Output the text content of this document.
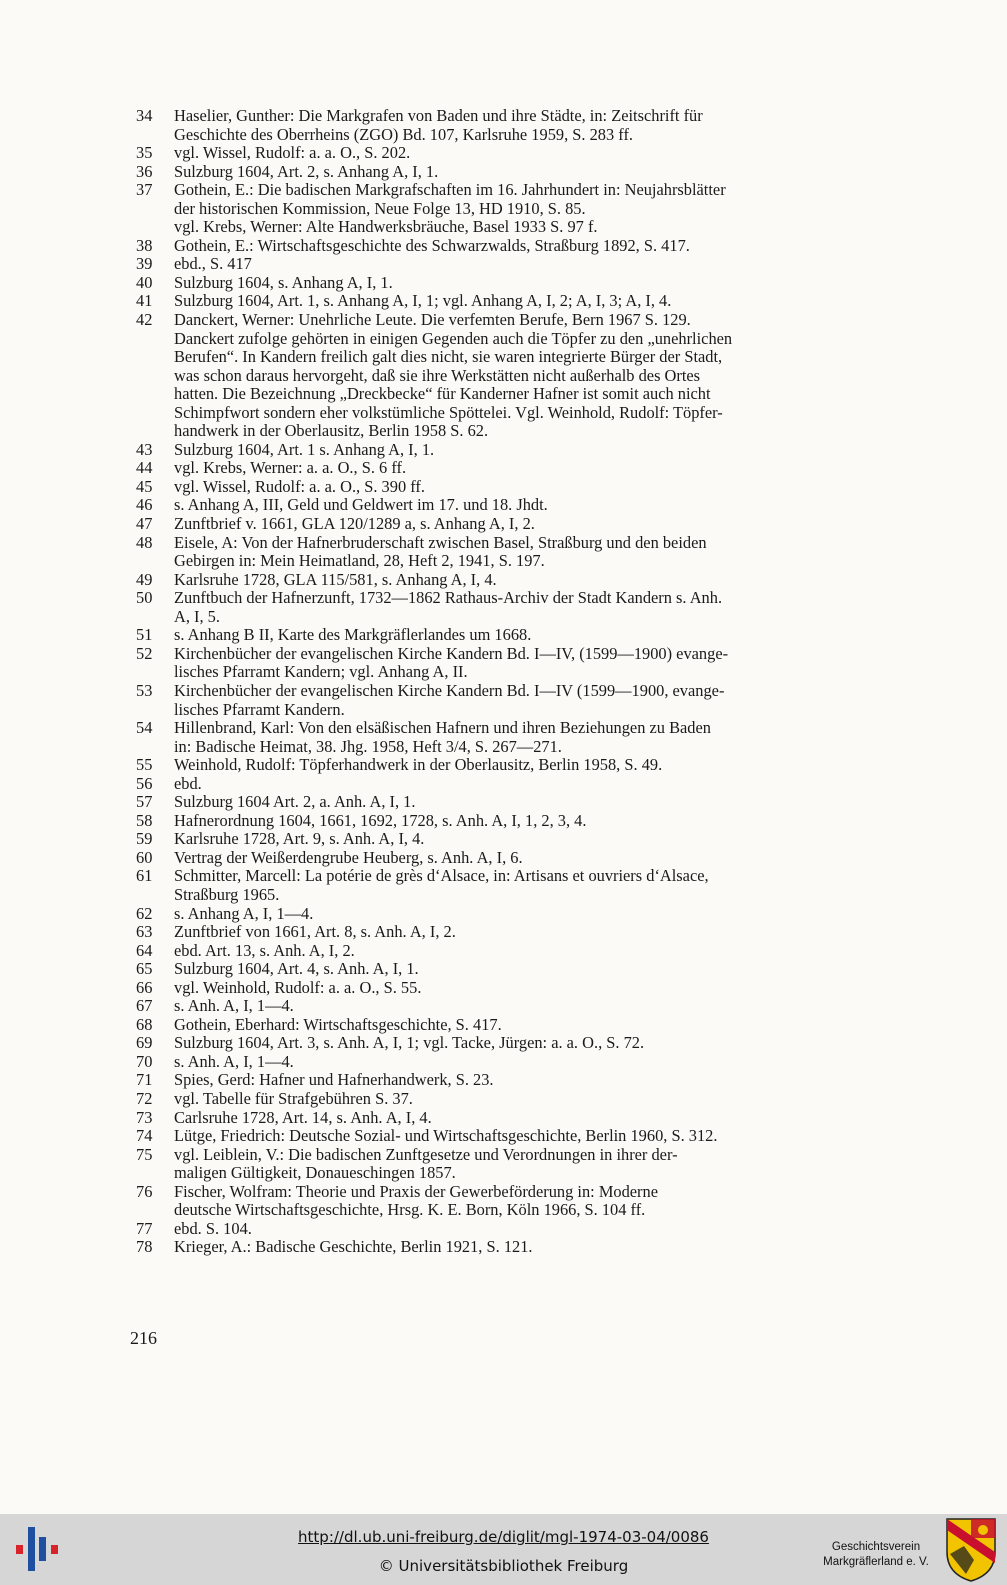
34	Haselier, Gunther: Die Markgrafen von Baden und ihre Städte, in: Zeitschrift für
Geschichte des Oberrheins (ZGO) Bd. 107, Karlsruhe 1959, S. 283 ff.
35	vgl. Wissel, Rudolf: a. a. O., S. 202.
36	Sulzburg 1604, Art. 2, s. Anhang A, I, 1.
37	Gothein, E.: Die badischen Markgrafschaften im 16. Jahrhundert in: Neujahrsblätter
der historischen Kommission, Neue Folge 13, HD 1910, S. 85.
vgl. Krebs, Werner: Alte Handwerksbräuche, Basel 1933 S. 97 f.
38	Gothein, E.: Wirtschaftsgeschichte des Schwarzwalds, Straßburg 1892, S. 417.
39	ebd., S. 417
40	Sulzburg 1604, s. Anhang A, I, 1.
41	Sulzburg 1604, Art. 1, s. Anhang A, I, 1; vgl. Anhang A, I, 2; A, I, 3; A, I, 4.
42	Danckert, Werner: Unehrliche Leute. Die verfemten Berufe, Bern 1967 S. 129.
Danckert zufolge gehörten in einigen Gegenden auch die Töpfer zu den „unehrlichen
Berufen“. In Kandern freilich galt dies nicht, sie waren integrierte Bürger der Stadt,
was schon daraus hervorgeht, daß sie ihre Werkstätten nicht außerhalb des Ortes
hatten. Die Bezeichnung „Dreckbecke“ für Kanderner Hafner ist somit auch nicht
Schimpfwort sondern eher volkstümliche Spöttelei. Vgl. Weinhold, Rudolf: Töpfer-
handwerk in der Oberlausitz, Berlin 1958 S. 62.
43	Sulzburg 1604, Art. 1 s. Anhang A, I, 1.
44	vgl. Krebs, Werner: a. a. O., S. 6 ff.
45	vgl. Wissel, Rudolf: a. a. O., S. 390 ff.
46	s. Anhang A, III, Geld und Geldwert im 17. und 18. Jhdt.
47	Zunftbrief v. 1661, GLA 120/1289 a, s. Anhang A, I, 2.
48	Eisele, A: Von der Hafnerbruderschaft zwischen Basel, Straßburg und den beiden
Gebirgen in: Mein Heimatland, 28, Heft 2, 1941, S. 197.
49	Karlsruhe 1728, GLA 115/581, s. Anhang A, I, 4.
50	Zunftbuch der Hafnerzunft, 1732—1862 Rathaus-Archiv der Stadt Kandern s. Anh.
A, I, 5.
51	s. Anhang B II, Karte des Markgräflerlandes um 1668.
52	Kirchenbücher der evangelischen Kirche Kandern Bd. I—IV, (1599—1900) evange-
lisches Pfarramt Kandern; vgl. Anhang A, II.
53	Kirchenbücher der evangelischen Kirche Kandern Bd. I—IV (1599—1900, evange-
lisches Pfarramt Kandern.
54	Hillenbrand, Karl: Von den elsäßischen Hafnern und ihren Beziehungen zu Baden
in: Badische Heimat, 38. Jhg. 1958, Heft 3/4, S. 267—271.
55	Weinhold, Rudolf: Töpferhandwerk in der Oberlausitz, Berlin 1958, S. 49.
56	ebd.
57	Sulzburg 1604 Art. 2, a. Anh. A, I, 1.
58	Hafnerordnung 1604, 1661, 1692, 1728, s. Anh. A, I, 1, 2, 3, 4.
59	Karlsruhe 1728, Art. 9, s. Anh. A, I, 4.
60	Vertrag der Weißerdengrube Heuberg, s. Anh. A, I, 6.
61	Schmitter, Marcell: La potérie de grès d‘Alsace, in: Artisans et ouvriers d‘Alsace,
Straßburg 1965.
62	s. Anhang A, I, 1—4.
63	Zunftbrief von 1661, Art. 8, s. Anh. A, I, 2.
64	ebd. Art. 13, s. Anh. A, I, 2.
65	Sulzburg 1604, Art. 4, s. Anh. A, I, 1.
66	vgl. Weinhold, Rudolf: a. a. O., S. 55.
67	s. Anh. A, I, 1—4.
68	Gothein, Eberhard: Wirtschaftsgeschichte, S. 417.
69	Sulzburg 1604, Art. 3, s. Anh. A, I, 1; vgl. Tacke, Jürgen: a. a. O., S. 72.
70	s. Anh. A, I, 1—4.
71	Spies, Gerd: Hafner und Hafnerhandwerk, S. 23.
72	vgl. Tabelle für Strafgebühren S. 37.
73	Carlsruhe 1728, Art. 14, s. Anh. A, I, 4.
74	Lütge, Friedrich: Deutsche Sozial- und Wirtschaftsgeschichte, Berlin 1960, S. 312.
75	vgl. Leiblein, V.: Die badischen Zunftgesetze und Verordnungen in ihrer der-
maligen Gültigkeit, Donaueschingen 1857.
76	Fischer, Wolfram: Theorie und Praxis der Gewerbeförderung in: Moderne
deutsche Wirtschaftsgeschichte, Hrsg. K. E. Born, Köln 1966, S. 104 ff.
77	ebd. S. 104.
78	Krieger, A.: Badische Geschichte, Berlin 1921, S. 121.
216
http://dl.ub.uni-freiburg.de/diglit/mgl-1974-03-04/0086
© Universitätsbibliothek Freiburg
Geschichtsverein
Markgräflerland e. V.
